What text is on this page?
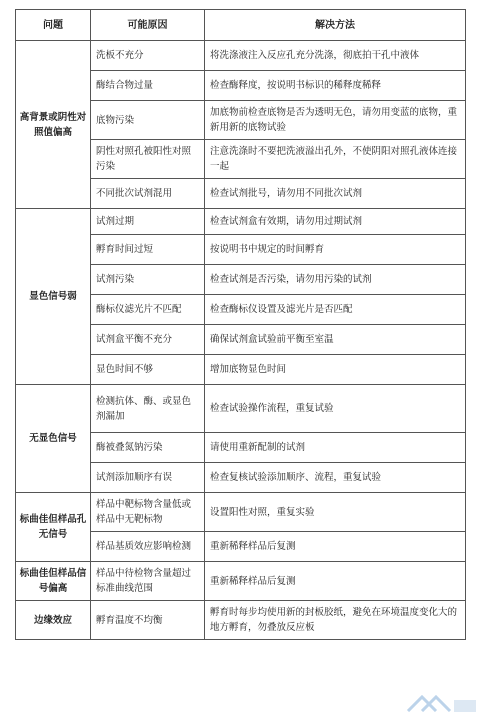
问题	可能原因	解决方法
高背景或阴性对照值偏高	洗板不充分	将洗涤液注入反应孔充分洗涤，彻底拍干孔中液体
	酶结合物过量	检查酶释度，按说明书标识的稀释度稀释
	底物污染	加底物前检查底物是否为透明无色，请勿用变蓝的底物，重新用新的底物试验
	阴性对照孔被阳性对照污染	注意洗涤时不要把洗液溢出孔外，不使阴阳对照孔液体连接一起
	不同批次试剂混用	检查试剂批号，请勿用不同批次试剂
显色信号弱	试剂过期	检查试剂盒有效期，请勿用过期试剂
	孵育时间过短	按说明书中规定的时间孵育
	试剂污染	检查试剂是否污染，请勿用污染的试剂
	酶标仪滤光片不匹配	检查酶标仪设置及滤光片是否匹配
	试剂盒平衡不充分	确保试剂盒试验前平衡至室温
	显色时间不够	增加底物显色时间
无显色信号	检测抗体、酶、或显色剂漏加	检查试验操作流程，重复试验
	酶被叠氮钠污染	请使用重新配制的试剂
	试剂添加顺序有误	检查复核试验添加顺序、流程，重复试验
标曲佳但样品孔无信号	样品中靶标物含量低或样品中无靶标物	设置阳性对照，重复实验
	样品基质效应影响检测	重新稀释样品后复测
标曲佳但样品信号偏高	样品中待检物含量超过标准曲线范围	重新稀释样品后复测
边缘效应	孵育温度不均衡	孵育时每步均使用新的封板胶纸，避免在环境温度变化大的地方孵育，勿叠放反应板
